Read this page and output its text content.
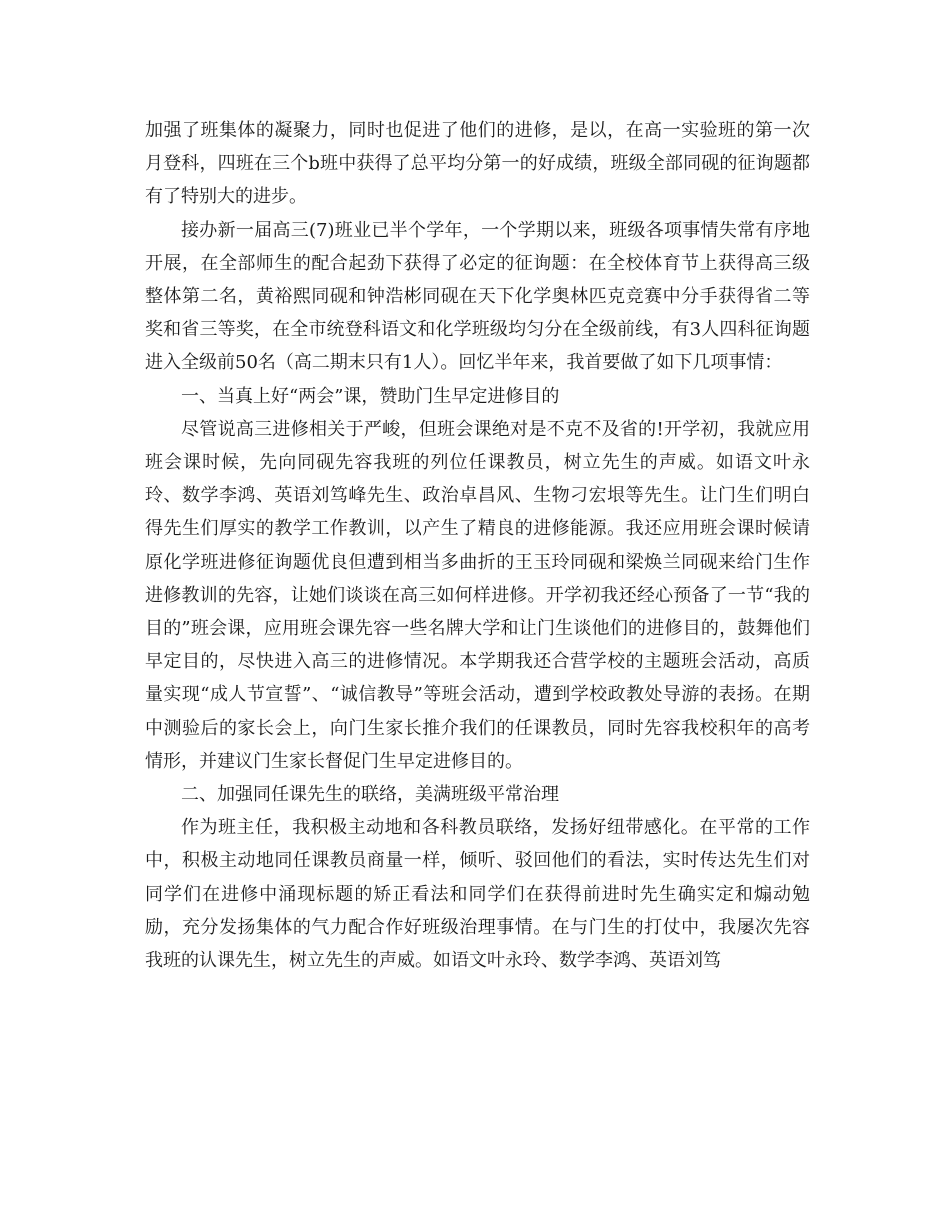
加强了班集体的凝聚力，同时也促进了他们的进修，是以，在高一实验班的第一次月登科，四班在三个b班中获得了总平均分第一的好成绩，班级全部同砚的征询题都有了特别大的进步。

接办新一届高三(7)班业已半个学年，一个学期以来，班级各项事情失常有序地开展，在全部师生的配合起劲下获得了必定的征询题：在全校体育节上获得高三级整体第二名，黄裕熙同砚和钟浩彬同砚在天下化学奥林匹克竞赛中分手获得省二等奖和省三等奖，在全市统登科语文和化学班级均匀分在全级前线，有3人四科征询题进入全级前50名（高二期末只有1人）。回忆半年来，我首要做了如下几项事情：

一、当真上好“两会”课，赞助门生早定进修目的

尽管说高三进修相关于严峻，但班会课绝对是不克不及省的!开学初，我就应用班会课时候，先向同砚先容我班的列位任课教员，树立先生的声威。如语文叶永玲、数学李鸿、英语刘笃峰先生、政治卓昌风、生物刁宏垠等先生。让门生们明白得先生们厚实的教学工作教训，以产生了精良的进修能源。我还应用班会课时候请原化学班进修征询题优良但遭到相当多曲折的王玉玲同砚和梁焕兰同砚来给门生作进修教训的先容，让她们谈谈在高三如何样进修。开学初我还经心预备了一节“我的目的”班会课，应用班会课先容一些名牌大学和让门生谈他们的进修目的，鼓舞他们早定目的，尽快进入高三的进修情况。本学期我还合营学校的主题班会活动，高质量实现“成人节宣誓”、“诚信教导”等班会活动，遭到学校政教处导游的表扬。在期中测验后的家长会上，向门生家长推介我们的任课教员，同时先容我校积年的高考情形，并建议门生家长督促门生早定进修目的。

二、加强同任课先生的联络，美满班级平常治理

作为班主任，我积极主动地和各科教员联络，发扬好纽带感化。在平常的工作中，积极主动地同任课教员商量一样，倾听、驳回他们的看法，实时传达先生们对同学们在进修中涌现标题的矫正看法和同学们在获得前进时先生确实定和煽动勉励，充分发扬集体的气力配合作好班级治理事情。在与门生的打仗中，我屡次先容我班的认课先生，树立先生的声威。如语文叶永玲、数学李鸿、英语刘笃
